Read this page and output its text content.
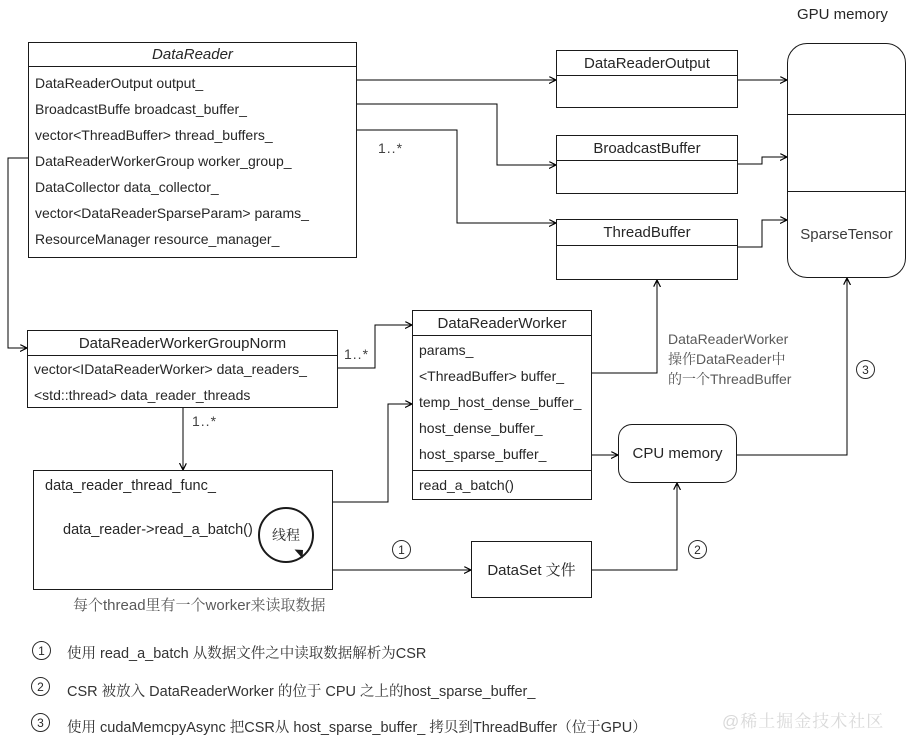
DataReader
DataReaderOutput output_
BroadcastBuffe broadcast_buffer_
vector<ThreadBuffer> thread_buffers_
DataReaderWorkerGroup worker_group_
DataCollector data_collector_
vector<DataReaderSparseParam> params_
ResourceManager resource_manager_
DataReaderOutput
BroadcastBuffer
ThreadBuffer
GPU memory
SparseTensor
DataReaderWorkerGroupNorm
vector<IDataReaderWorker> data_readers_
<std::thread> data_reader_threads
DataReaderWorker
params_
<ThreadBuffer> buffer_
temp_host_dense_buffer_
host_dense_buffer_
host_sparse_buffer_
read_a_batch()
CPU memory
data_reader_thread_func_
data_reader->read_a_batch() 线程
DataSet 文件
1..*
1..*
1..*
DataReaderWorker
操作DataReader中
的一个ThreadBuffer
每个thread里有一个worker来读取数据
1	2
3
1	使用 read_a_batch 从数据文件之中读取数据解析为CSR
2	CSR 被放入 DataReaderWorker 的位于 CPU 之上的host_sparse_buffer_
3	使用 cudaMemcpyAsync 把CSR从 host_sparse_buffer_ 拷贝到ThreadBuffer（位于GPU）	@稀土掘金技术社区
